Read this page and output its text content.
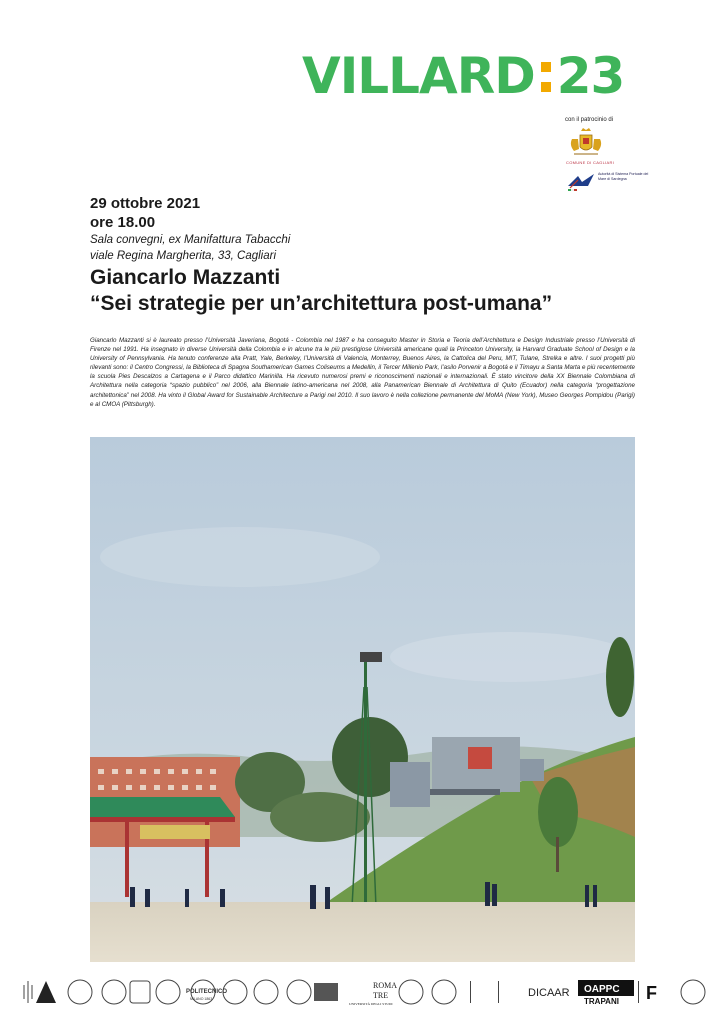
VILLARD 23
con il patrocinio di
COMUNE DI CAGLIARI
Autorità di Sistema Portuale del Mare di Sardegna
29 ottobre 2021
ore 18.00
Sala convegni, ex Manifattura Tabacchi
viale Regina Margherita, 33, Cagliari
Giancarlo Mazzanti
“Sei strategie per un’architettura post-umana”

Giancarlo Mazzanti si è laureato presso l’Università Javeriana, Bogotá - Colombia nel 1987 e ha conseguito Master in Storia e Teoria dell’Architettura e Design Industriale presso l’Università di Firenze nel 1991. Ha insegnato in diverse Università della Colombia e in alcune tra le più prestigiose Università americane quali la Princeton University, la Harvard Graduate School of Design e la University of Pennsylvania. Ha tenuto conferenze alla Pratt, Yale, Berkeley, l’Università di Valencia, Monterrey, Buenos Aires, la Cattolica del Peru, MIT, Tulane, Strelka e altre. I suoi progetti più rilevanti sono: il Centro Congressi, la Biblioteca di Spagna Southamerican Games Coliseums a Medellin, il Tercer Millenio Park, l’asilo Porvenir a Bogotá e il Timayu a Santa Marta e più recentemente la scuola Pies Descalzos a Cartagena e il Parco didattico Marinilla. Ha ricevuto numerosi premi e riconoscimenti nazionali e internazionali. È stato vincitore della XX Biennale Colombiana di Architettura nella categoria “spazio pubblico” nel 2006, alla Biennale latino-americana nel 2008, alla Panamerican Biennale di Architettura di Quito (Ecuador) nella categoria “progettazione architettonica” nel 2008. Ha vinto il Global Award for Sustainable Architecture a Parigi nel 2010. Il suo lavoro è nella collezione permanente del MoMA (New York), Museo Georges Pompidou (Parigi) e al CMOA (Pittsburgh).

POLITECNICO
MILANO 1863
ROMA
TRE
UNIVERSITÀ DEGLI STUDI
DICAAR OAPPC
TRAPANI F
